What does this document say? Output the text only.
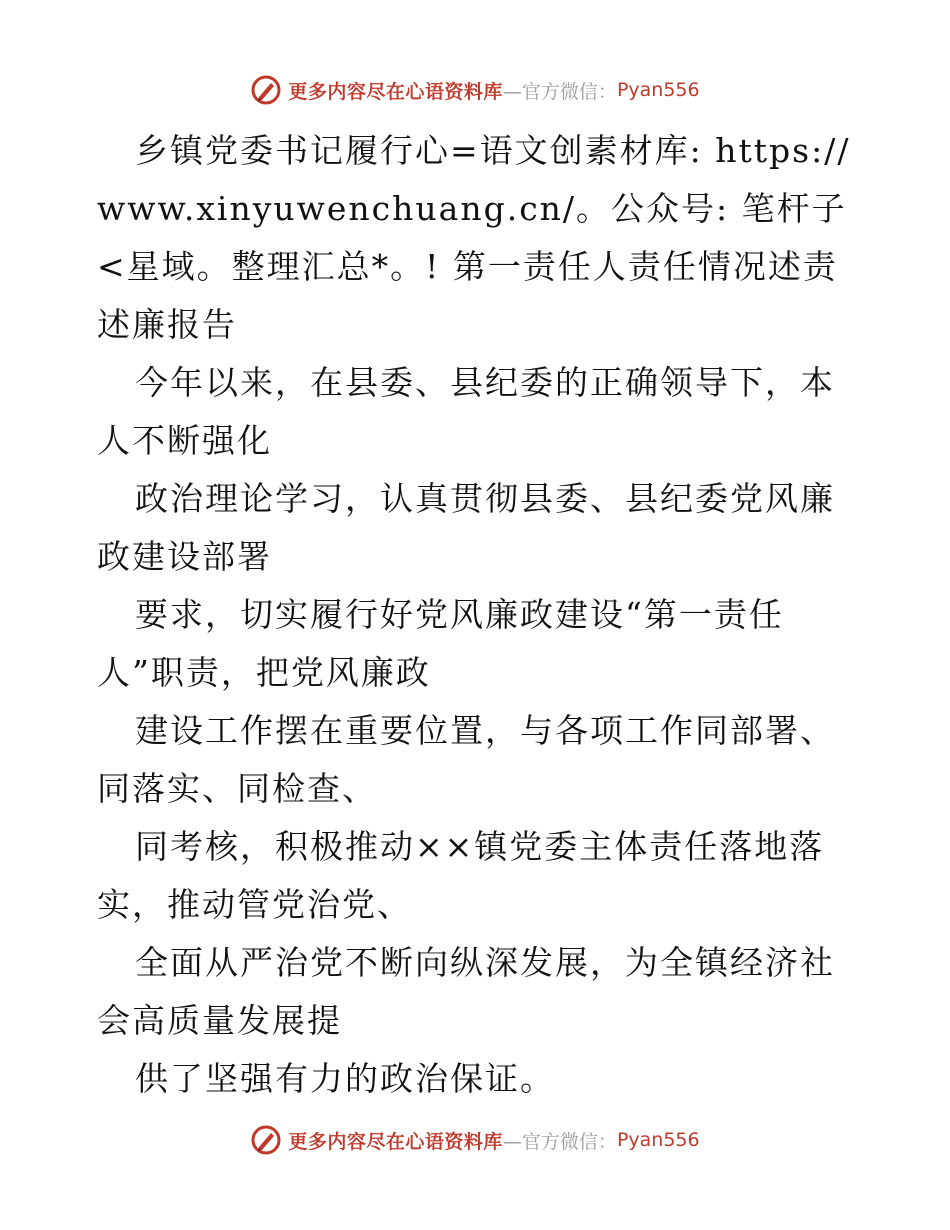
更多内容尽在心语资料库 —官方微信： Pyan556

乡镇党委书记履行心=语文创素材库: https://www.xinyuwenchuang.cn/。公众号: 笔杆子<星域。整理汇总*。! 第一责任人责任情况述责述廉报告

今年以来，在县委、县纪委的正确领导下，本人不断强化

政治理论学习，认真贯彻县委、县纪委党风廉政建设部署

要求，切实履行好党风廉政建设“第一责任人”职责，把党风廉政

建设工作摆在重要位置，与各项工作同部署、同落实、同检查、

同考核，积极推动××镇党委主体责任落地落实，推动管党治党、

全面从严治党不断向纵深发展，为全镇经济社会高质量发展提

供了坚强有力的政治保证。

更多内容尽在心语资料库 —官方微信： Pyan556
